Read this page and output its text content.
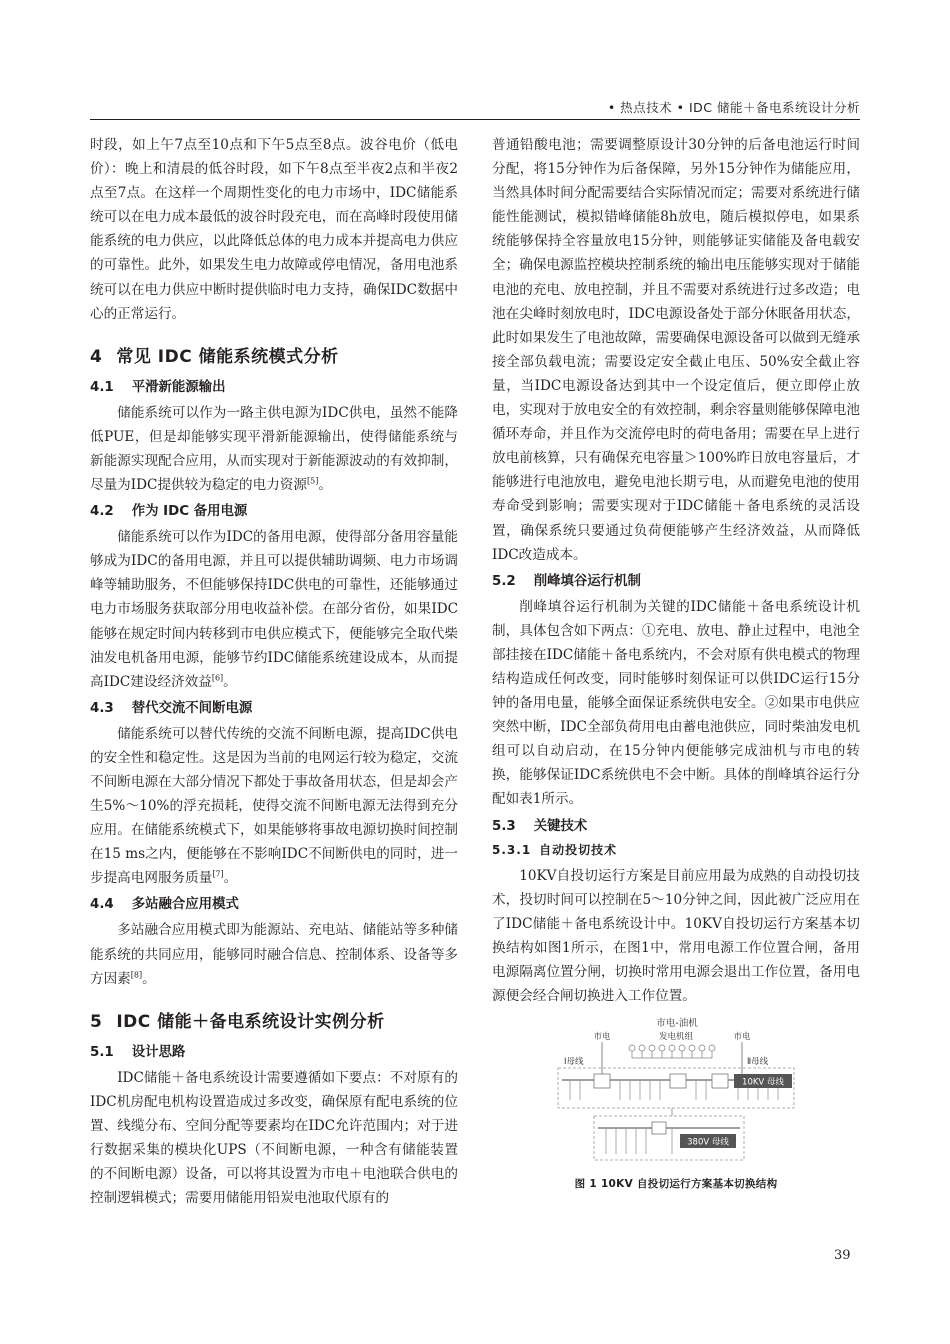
• 热点技术 • IDC 储能＋备电系统设计分析

时段，如上午7点至10点和下午5点至8点。波谷电价（低电价）：晚上和清晨的低谷时段，如下午8点至半夜2点和半夜2点至7点。在这样一个周期性变化的电力市场中，IDC储能系统可以在电力成本最低的波谷时段充电，而在高峰时段使用储能系统的电力供应，以此降低总体的电力成本并提高电力供应的可靠性。此外，如果发生电力故障或停电情况，备用电池系统可以在电力供应中断时提供临时电力支持，确保IDC数据中心的正常运行。

4 常见 IDC 储能系统模式分析
4.1 平滑新能源输出

储能系统可以作为一路主供电源为IDC供电，虽然不能降低PUE，但是却能够实现平滑新能源输出，使得储能系统与新能源实现配合应用，从而实现对于新能源波动的有效抑制，尽量为IDC提供较为稳定的电力资源[5]。

4.2 作为 IDC 备用电源

储能系统可以作为IDC的备用电源，使得部分备用容量能够成为IDC的备用电源，并且可以提供辅助调频、电力市场调峰等辅助服务，不但能够保持IDC供电的可靠性，还能够通过电力市场服务获取部分用电收益补偿。在部分省份，如果IDC能够在规定时间内转移到市电供应模式下，便能够完全取代柴油发电机备用电源，能够节约IDC储能系统建设成本，从而提高IDC建设经济效益[6]。

4.3 替代交流不间断电源

储能系统可以替代传统的交流不间断电源，提高IDC供电的安全性和稳定性。这是因为当前的电网运行较为稳定，交流不间断电源在大部分情况下都处于事故备用状态，但是却会产生5%～10%的浮充损耗，使得交流不间断电源无法得到充分应用。在储能系统模式下，如果能够将事故电源切换时间控制在15 ms之内，便能够在不影响IDC不间断供电的同时，进一步提高电网服务质量[7]。

4.4 多站融合应用模式

多站融合应用模式即为能源站、充电站、储能站等多种储能系统的共同应用，能够同时融合信息、控制体系、设备等多方因素[8]。

5 IDC 储能＋备电系统设计实例分析
5.1 设计思路

IDC储能＋备电系统设计需要遵循如下要点：不对原有的IDC机房配电机构设置造成过多改变，确保原有配电系统的位置、线缆分布、空间分配等要素均在IDC允许范围内；对于进行数据采集的模块化UPS（不间断电源，一种含有储能装置的不间断电源）设备，可以将其设置为市电＋电池联合供电的控制逻辑模式；需要用储能用铅炭电池取代原有的

普通铅酸电池；需要调整原设计30分钟的后备电池运行时间分配，将15分钟作为后备保障，另外15分钟作为储能应用，当然具体时间分配需要结合实际情况而定；需要对系统进行储能性能测试，模拟错峰储能8h放电，随后模拟停电，如果系统能够保持全容量放电15分钟，则能够证实储能及备电载安全；确保电源监控模块控制系统的输出电压能够实现对于储能电池的充电、放电控制，并且不需要对系统进行过多改造；电池在尖峰时刻放电时，IDC电源设备处于部分休眠备用状态，此时如果发生了电池故障，需要确保电源设备可以做到无缝承接全部负载电流；需要设定安全截止电压、50%安全截止容量，当IDC电源设备达到其中一个设定值后，便立即停止放电，实现对于放电安全的有效控制，剩余容量则能够保障电池循环寿命，并且作为交流停电时的荷电备用；需要在早上进行放电前核算，只有确保充电容量＞100%昨日放电容量后，才能够进行电池放电，避免电池长期亏电，从而避免电池的使用寿命受到影响；需要实现对于IDC储能＋备电系统的灵活设置，确保系统只要通过负荷便能够产生经济效益，从而降低IDC改造成本。

5.2 削峰填谷运行机制

削峰填谷运行机制为关键的IDC储能＋备电系统设计机制，具体包含如下两点：①充电、放电、静止过程中，电池全部挂接在IDC储能＋备电系统内，不会对原有供电模式的物理结构造成任何改变，同时能够时刻保证可以供IDC运行15分钟的备用电量，能够全面保证系统供电安全。②如果市电供应突然中断，IDC全部负荷用电由蓄电池供应，同时柴油发电机组可以自动启动，在15分钟内便能够完成油机与市电的转换，能够保证IDC系统供电不会中断。具体的削峰填谷运行分配如表1所示。

5.3 关键技术
5.3.1 自动投切技术

10KV自投切运行方案是目前应用最为成熟的自动投切技术，投切时间可以控制在5～10分钟之间，因此被广泛应用在了IDC储能＋备电系统设计中。10KV自投切运行方案基本切换结构如图1所示，在图1中，常用电源工作位置合闸，备用电源隔离位置分闸，切换时常用电源会退出工作位置，备用电源便会经合闸切换进入工作位置。

市电-油机
市电	发电机组	市电
Ⅰ母线	Ⅱ母线
10KV 母线
380V 母线
图 1 10KV 自投切运行方案基本切换结构
39
